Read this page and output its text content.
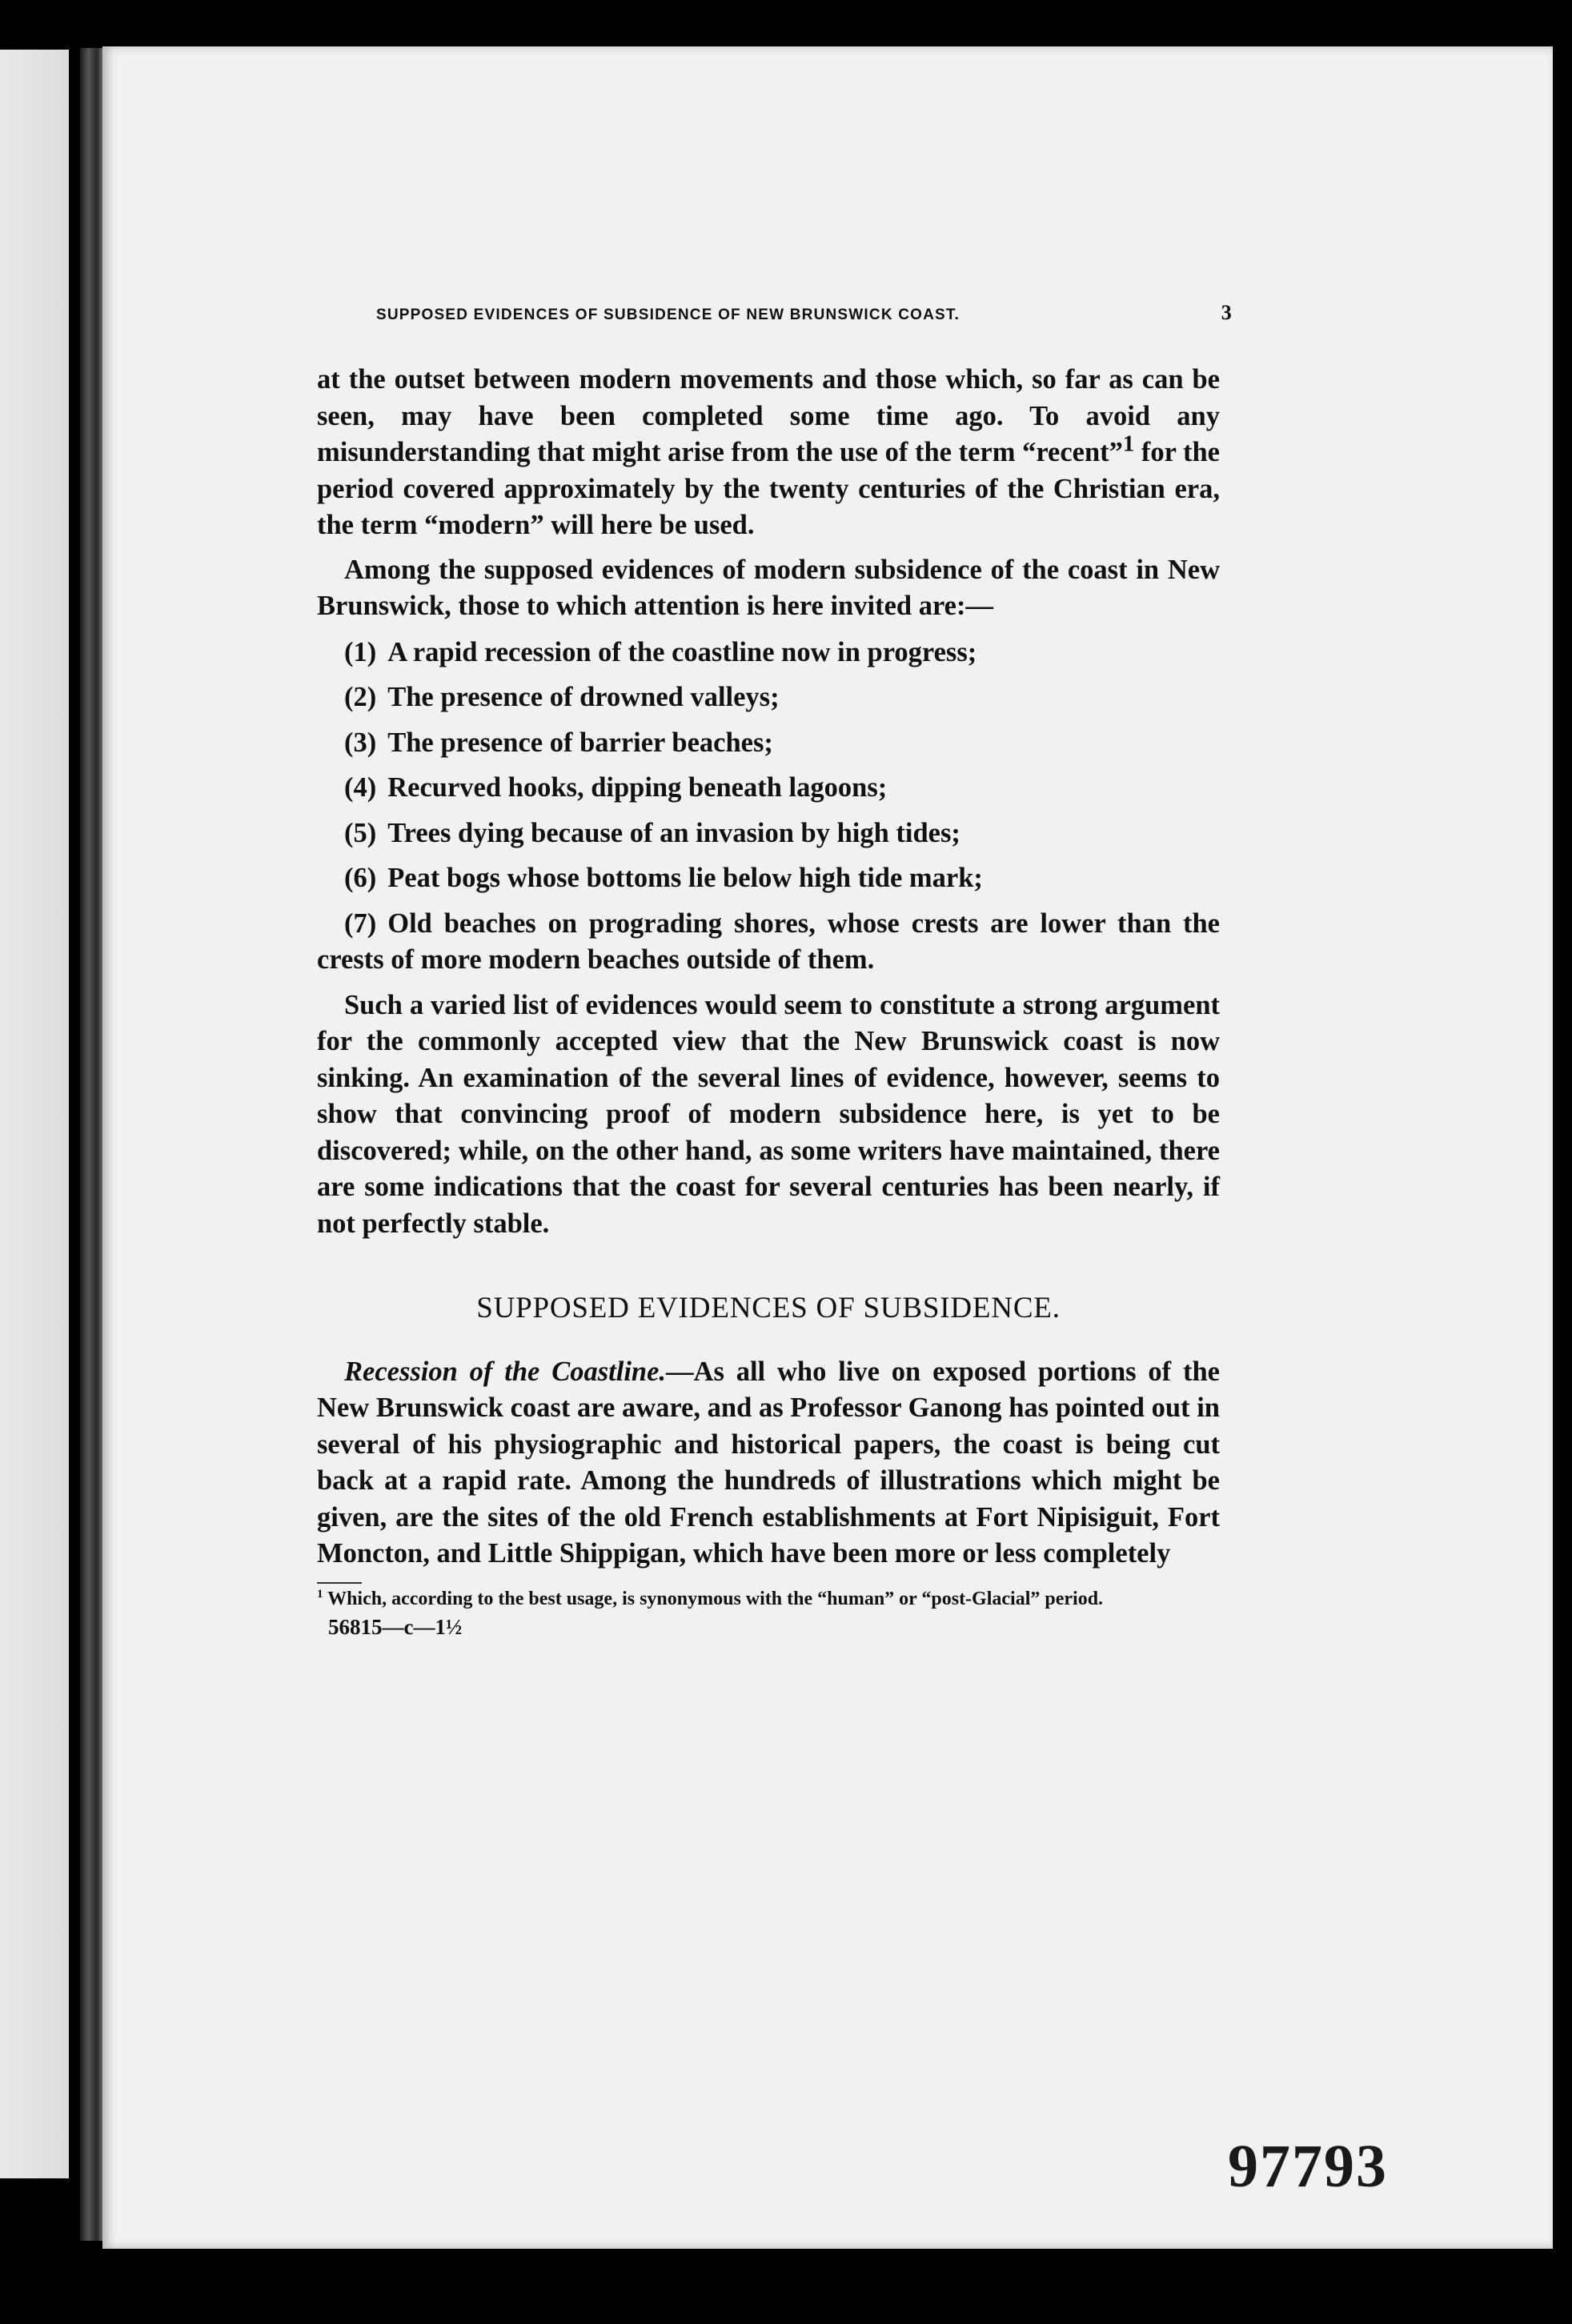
SUPPOSED EVIDENCES OF SUBSIDENCE OF NEW BRUNSWICK COAST.	3

at the outset between modern movements and those which, so far as can be seen, may have been completed some time ago. To avoid any misunderstanding that might arise from the use of the term “recent”$^1$ for the period covered approximately by the twenty centuries of the Christian era, the term “modern” will here be used.

Among the supposed evidences of modern subsidence of the coast in New Brunswick, those to which attention is here invited are:—

(1) A rapid recession of the coastline now in progress;
(2) The presence of drowned valleys;
(3) The presence of barrier beaches;
(4) Recurved hooks, dipping beneath lagoons;
(5) Trees dying because of an invasion by high tides;
(6) Peat bogs whose bottoms lie below high tide mark;
(7) Old beaches on prograding shores, whose crests are lower than the crests of more modern beaches outside of them.

Such a varied list of evidences would seem to constitute a strong argument for the commonly accepted view that the New Brunswick coast is now sinking. An examination of the several lines of evidence, however, seems to show that convincing proof of modern subsidence here, is yet to be discovered; while, on the other hand, as some writers have maintained, there are some indications that the coast for several centuries has been nearly, if not perfectly stable.

SUPPOSED EVIDENCES OF SUBSIDENCE.

Recession of the Coastline.—As all who live on exposed portions of the New Brunswick coast are aware, and as Professor Ganong has pointed out in several of his physiographic and historical papers, the coast is being cut back at a rapid rate. Among the hundreds of illustrations which might be given, are the sites of the old French establishments at Fort Nipisiguit, Fort Moncton, and Little Shippigan, which have been more or less completely

$^1$ Which, according to the best usage, is synonymous with the “human” or “post-Glacial” period.

56815—c—1½

97793
